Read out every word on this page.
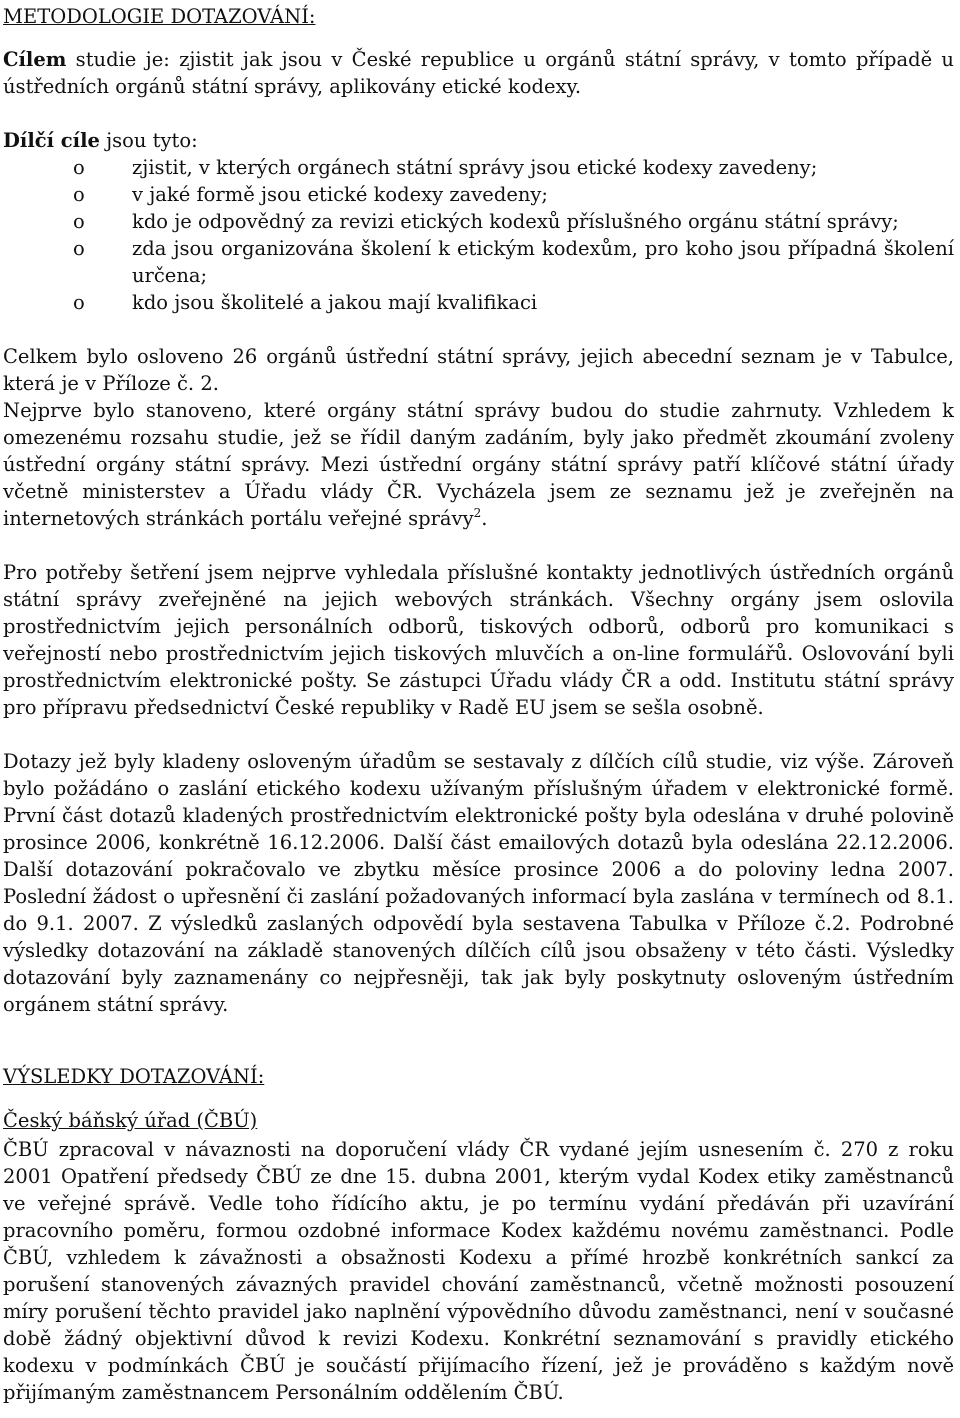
METODOLOGIE DOTAZOVÁNÍ:

Cílem studie je: zjistit jak jsou v České republice u orgánů státní správy, v tomto případě u ústředních orgánů státní správy, aplikovány etické kodexy.

Dílčí cíle jsou tyto:

o zjistit, v kterých orgánech státní správy jsou etické kodexy zavedeny;
o v jaké formě jsou etické kodexy zavedeny;
o kdo je odpovědný za revizi etických kodexů příslušného orgánu státní správy;
o zda jsou organizována školení k etickým kodexům, pro koho jsou případná školení určena;
o kdo jsou školitelé a jakou mají kvalifikaci

Celkem bylo osloveno 26 orgánů ústřední státní správy, jejich abecední seznam je v Tabulce, která je v Příloze č. 2.

Nejprve bylo stanoveno, které orgány státní správy budou do studie zahrnuty. Vzhledem k omezenému rozsahu studie, jež se řídil daným zadáním, byly jako předmět zkoumání zvoleny ústřední orgány státní správy. Mezi ústřední orgány státní správy patří klíčové státní úřady včetně ministerstev a Úřadu vlády ČR. Vycházela jsem ze seznamu jež je zveřejněn na internetových stránkách portálu veřejné správy$^2$.

Pro potřeby šetření jsem nejprve vyhledala příslušné kontakty jednotlivých ústředních orgánů státní správy zveřejněné na jejich webových stránkách. Všechny orgány jsem oslovila prostřednictvím jejich personálních odborů, tiskových odborů, odborů pro komunikaci s veřejností nebo prostřednictvím jejich tiskových mluvčích a on-line formulářů. Oslovování byli prostřednictvím elektronické pošty. Se zástupci Úřadu vlády ČR a odd. Institutu státní správy pro přípravu předsednictví České republiky v Radě EU jsem se sešla osobně.

Dotazy jež byly kladeny osloveným úřadům se sestavaly z dílčích cílů studie, viz výše. Zároveň bylo požádáno o zaslání etického kodexu užívaným příslušným úřadem v elektronické formě. První část dotazů kladených prostřednictvím elektronické pošty byla odeslána v druhé polovině prosince 2006, konkrétně 16.12.2006. Další část emailových dotazů byla odeslána 22.12.2006. Další dotazování pokračovalo ve zbytku měsíce prosince 2006 a do poloviny ledna 2007. Poslední žádost o upřesnění či zaslání požadovaných informací byla zaslána v termínech od 8.1. do 9.1. 2007. Z výsledků zaslaných odpovědí byla sestavena Tabulka v Příloze č.2. Podrobné výsledky dotazování na základě stanovených dílčích cílů jsou obsaženy v této části. Výsledky dotazování byly zaznamenány co nejpřesněji, tak jak byly poskytnuty osloveným ústředním orgánem státní správy.

VÝSLEDKY DOTAZOVÁNÍ:
Český báňský úřad (ČBÚ)

ČBÚ zpracoval v návaznosti na doporučení vlády ČR vydané jejím usnesením č. 270 z roku 2001 Opatření předsedy ČBÚ ze dne 15. dubna 2001, kterým vydal Kodex etiky zaměstnanců ve veřejné správě. Vedle toho řídícího aktu, je po termínu vydání předáván při uzavírání pracovního poměru, formou ozdobné informace Kodex každému novému zaměstnanci. Podle ČBÚ, vzhledem k závažnosti a obsažnosti Kodexu a přímé hrozbě konkrétních sankcí za porušení stanovených závazných pravidel chování zaměstnanců, včetně možnosti posouzení míry porušení těchto pravidel jako naplnění výpovědního důvodu zaměstnanci, není v současné době žádný objektivní důvod k revizi Kodexu. Konkrétní seznamování s pravidly etického kodexu v podmínkách ČBÚ je součástí přijímacího řízení, jež je prováděno s každým nově přijímaným zaměstnancem Personálním oddělením ČBÚ.
